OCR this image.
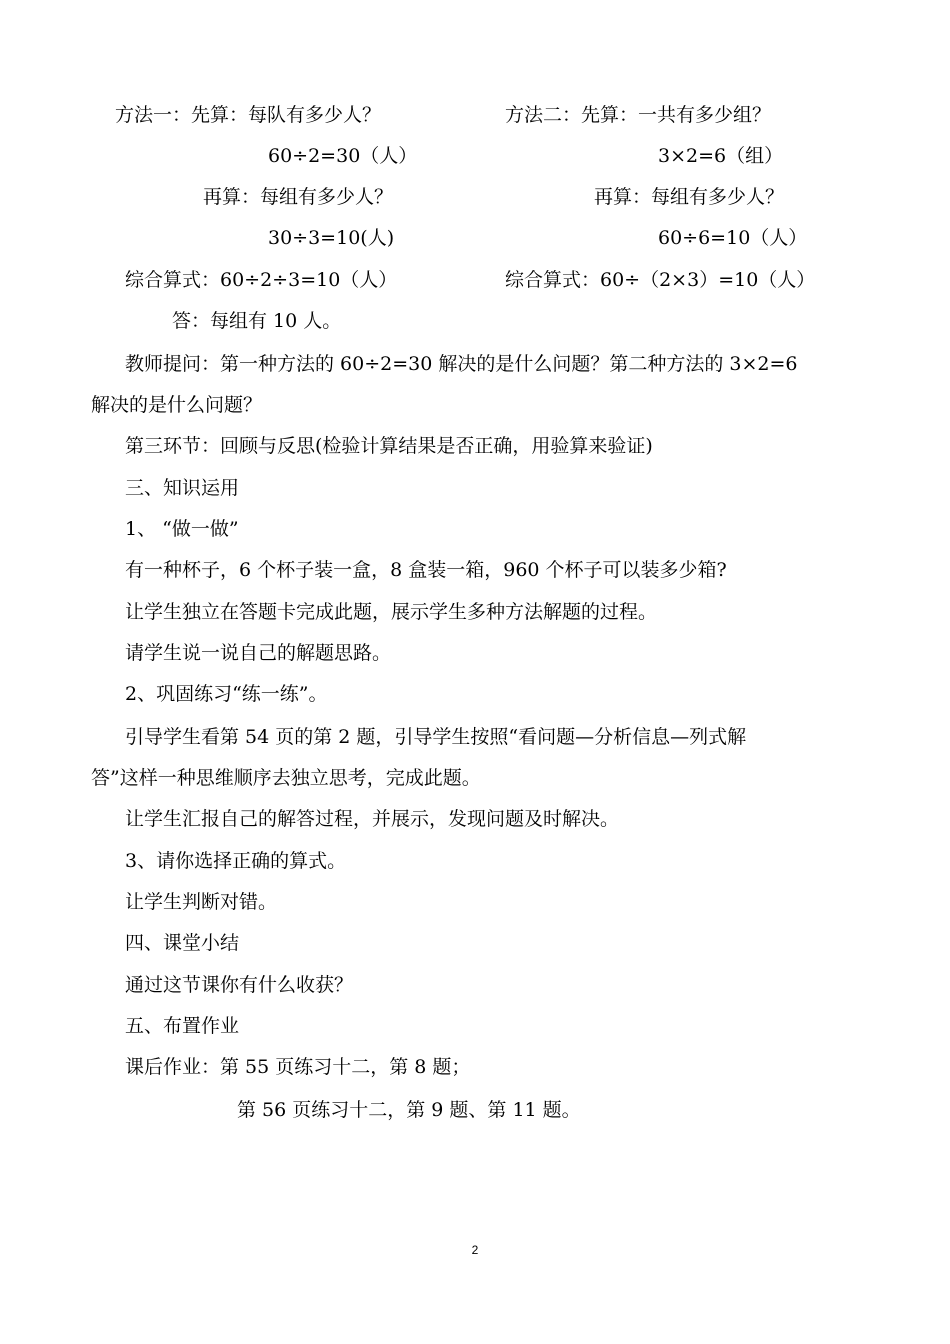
方法一：先算：每队有多少人？
60÷2=30（人）
再算：每组有多少人？
30÷3=10(人)
综合算式：60÷2÷3=10（人）
方法二：先算：一共有多少组？
3×2=6（组）
再算：每组有多少人？
60÷6=10（人）
综合算式：60÷（2×3）=10（人）
答：每组有 10 人。
教师提问：第一种方法的 60÷2=30 解决的是什么问题？第二种方法的 3×2=6
解决的是什么问题？
第三环节：回顾与反思(检验计算结果是否正确，用验算来验证)
三、知识运用
1、 “做一做”
有一种杯子，6 个杯子装一盒，8 盒装一箱，960 个杯子可以装多少箱?
让学生独立在答题卡完成此题，展示学生多种方法解题的过程。
请学生说一说自己的解题思路。
2、巩固练习“练一练”。
引导学生看第 54 页的第 2 题，引导学生按照“看问题—分析信息—列式解
答”这样一种思维顺序去独立思考，完成此题。
让学生汇报自己的解答过程，并展示，发现问题及时解决。
3、请你选择正确的算式。
让学生判断对错。
四、课堂小结
通过这节课你有什么收获？
五、布置作业
课后作业：第 55 页练习十二，第 8 题；
第 56 页练习十二，第 9 题、第 11 题。
2
